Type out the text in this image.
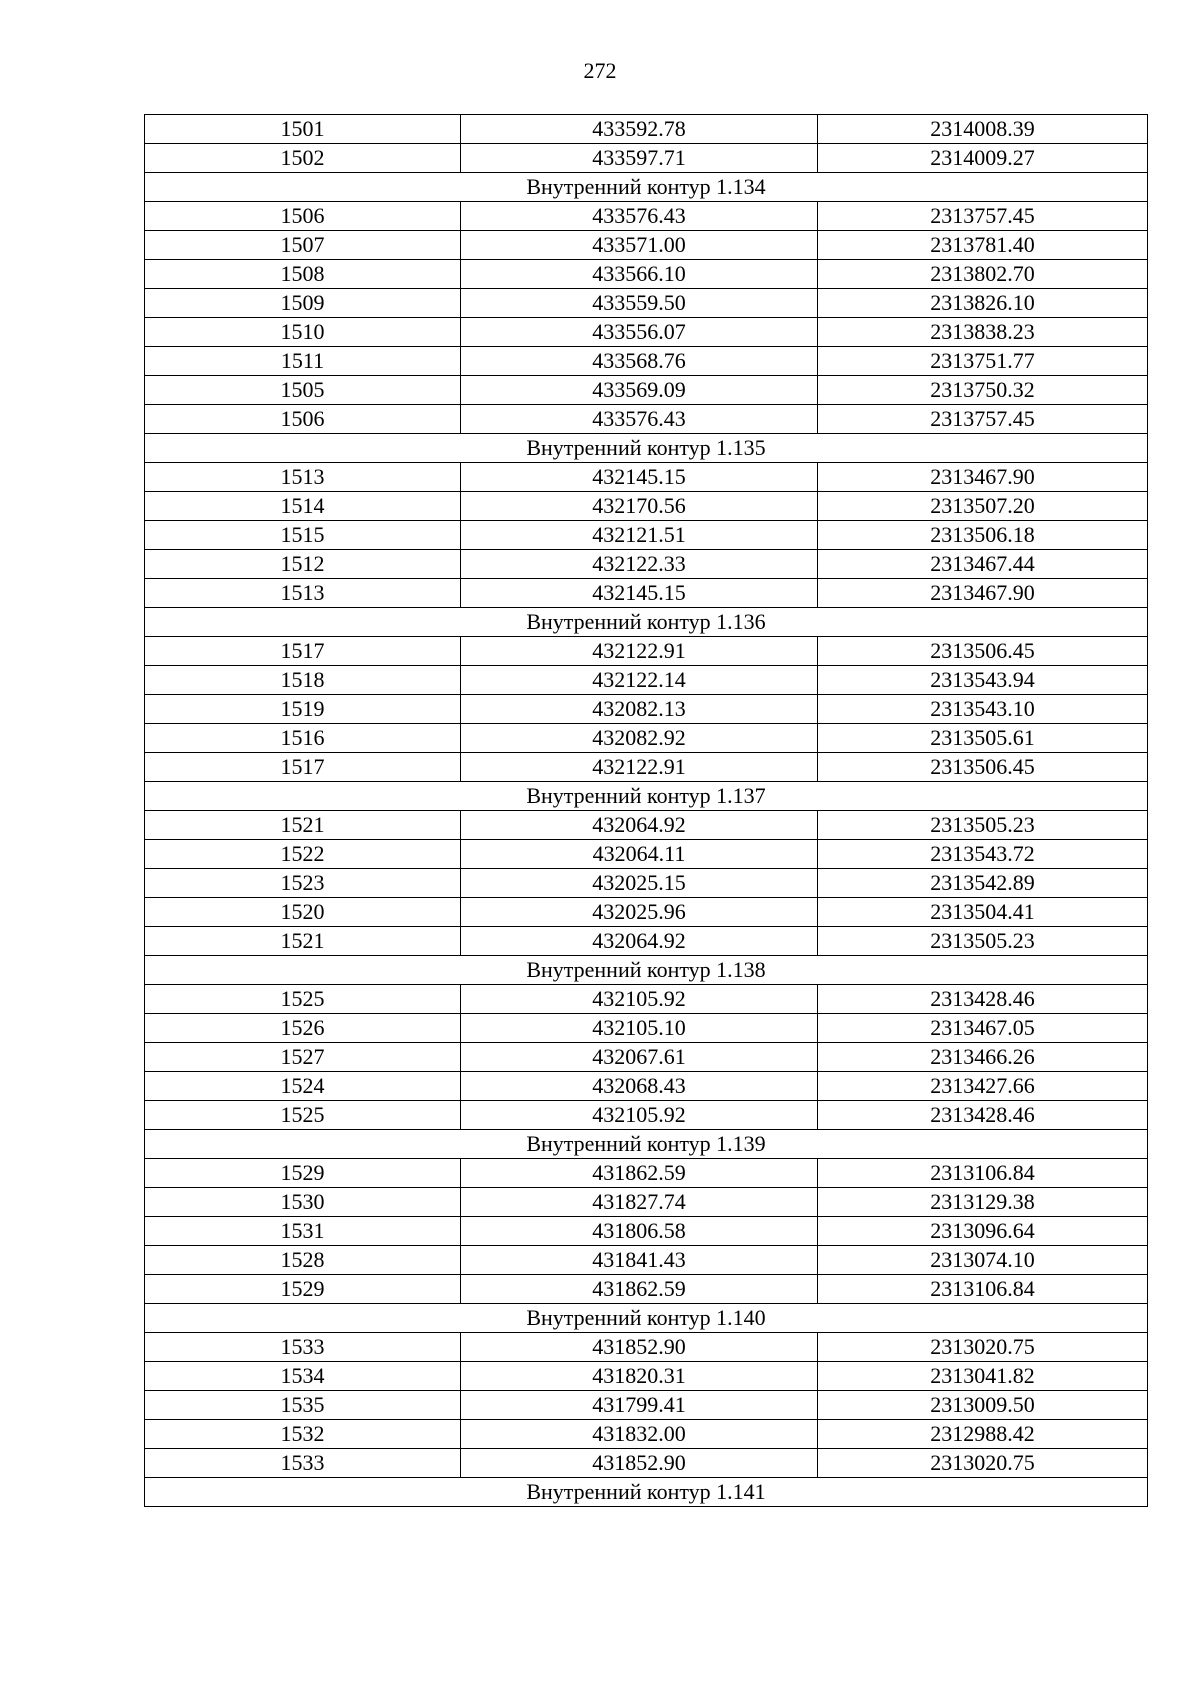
272
1501	433592.78	2314008.39
1502	433597.71	2314009.27
Внутренний контур 1.134		
1506	433576.43	2313757.45
1507	433571.00	2313781.40
1508	433566.10	2313802.70
1509	433559.50	2313826.10
1510	433556.07	2313838.23
1511	433568.76	2313751.77
1505	433569.09	2313750.32
1506	433576.43	2313757.45
Внутренний контур 1.135		
1513	432145.15	2313467.90
1514	432170.56	2313507.20
1515	432121.51	2313506.18
1512	432122.33	2313467.44
1513	432145.15	2313467.90
Внутренний контур 1.136		
1517	432122.91	2313506.45
1518	432122.14	2313543.94
1519	432082.13	2313543.10
1516	432082.92	2313505.61
1517	432122.91	2313506.45
Внутренний контур 1.137		
1521	432064.92	2313505.23
1522	432064.11	2313543.72
1523	432025.15	2313542.89
1520	432025.96	2313504.41
1521	432064.92	2313505.23
Внутренний контур 1.138		
1525	432105.92	2313428.46
1526	432105.10	2313467.05
1527	432067.61	2313466.26
1524	432068.43	2313427.66
1525	432105.92	2313428.46
Внутренний контур 1.139		
1529	431862.59	2313106.84
1530	431827.74	2313129.38
1531	431806.58	2313096.64
1528	431841.43	2313074.10
1529	431862.59	2313106.84
Внутренний контур 1.140		
1533	431852.90	2313020.75
1534	431820.31	2313041.82
1535	431799.41	2313009.50
1532	431832.00	2312988.42
1533	431852.90	2313020.75
Внутренний контур 1.141		
